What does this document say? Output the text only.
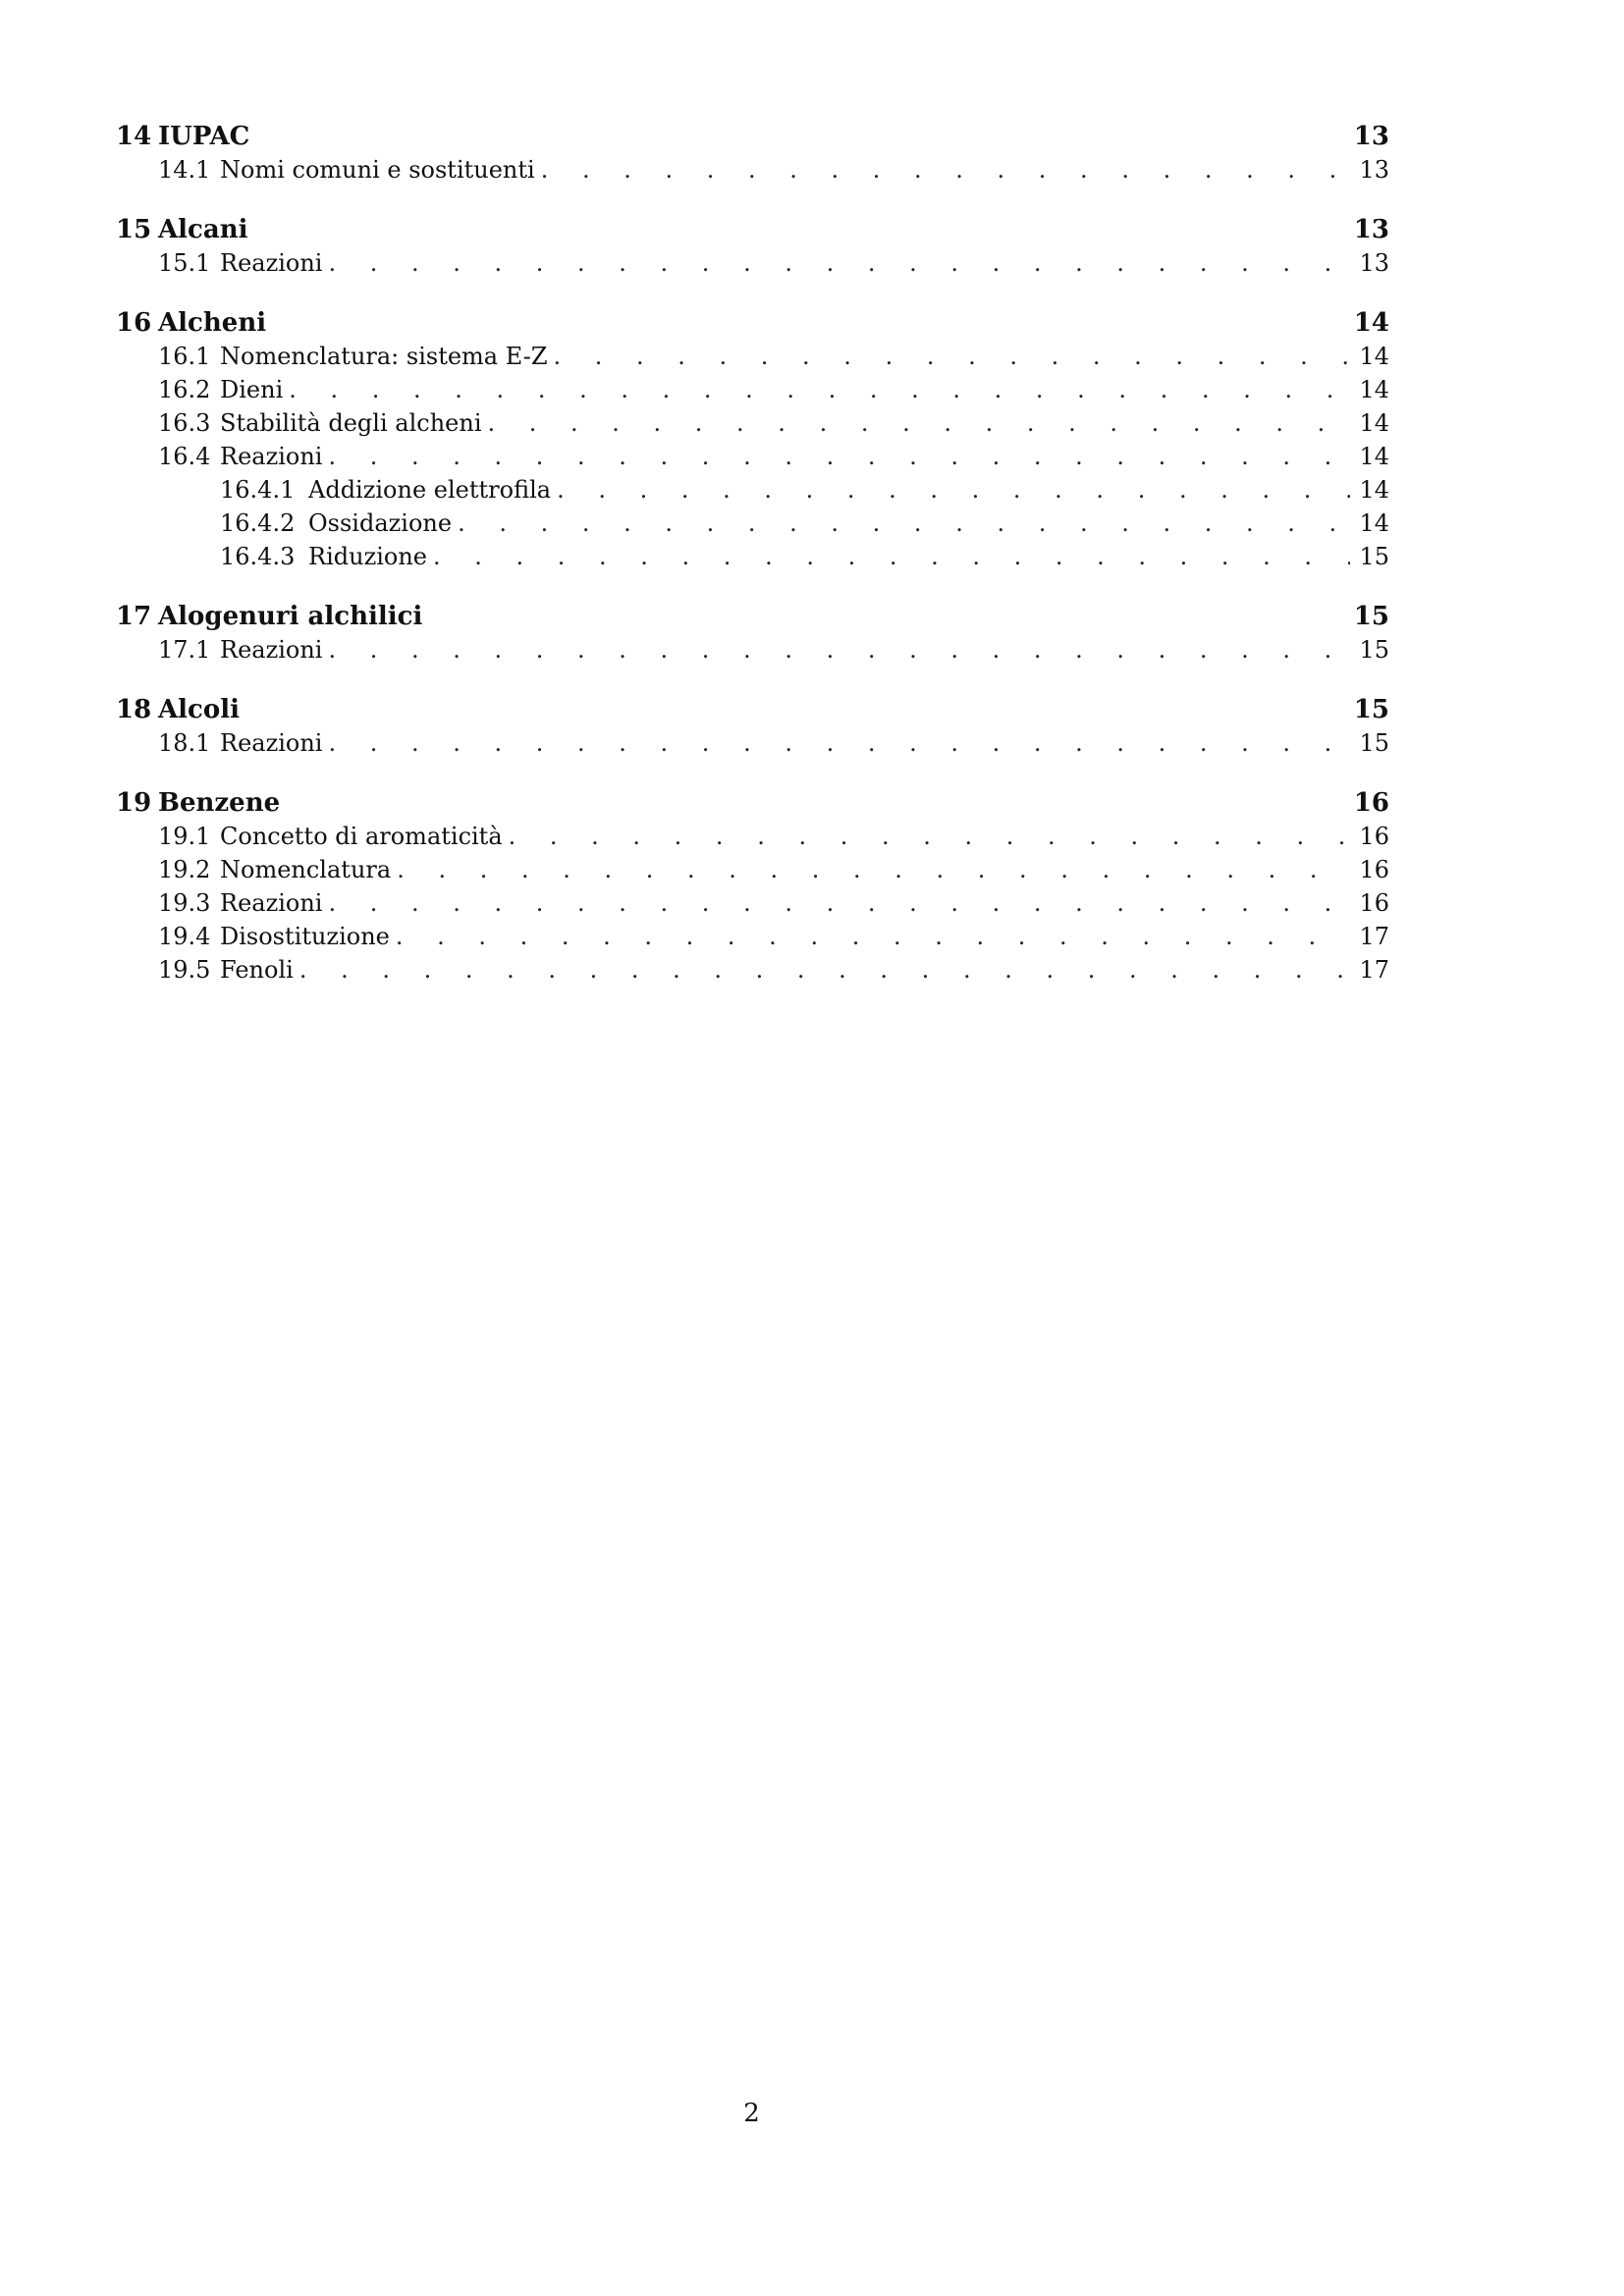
14 IUPAC	13
14.1 Nomi comuni e sostituenti . . .	13
15 Alcani	13
15.1 Reazioni . . .	13
16 Alcheni	14
16.1 Nomenclatura: sistema E-Z . . .	14
16.2 Dieni . . .	14
16.3 Stabilità degli alcheni . . .	14
16.4 Reazioni . . .	14
16.4.1 Addizione elettrofila . . .	14
16.4.2 Ossidazione . . .	14
16.4.3 Riduzione . . .	15
17 Alogenuri alchilici	15
17.1 Reazioni . . .	15
18 Alcoli	15
18.1 Reazioni . . .	15
19 Benzene	16
19.1 Concetto di aromaticità . . .	16
19.2 Nomenclatura . . .	16
19.3 Reazioni . . .	16
19.4 Disostituzione . . .	17
19.5 Fenoli . . .	17
2
